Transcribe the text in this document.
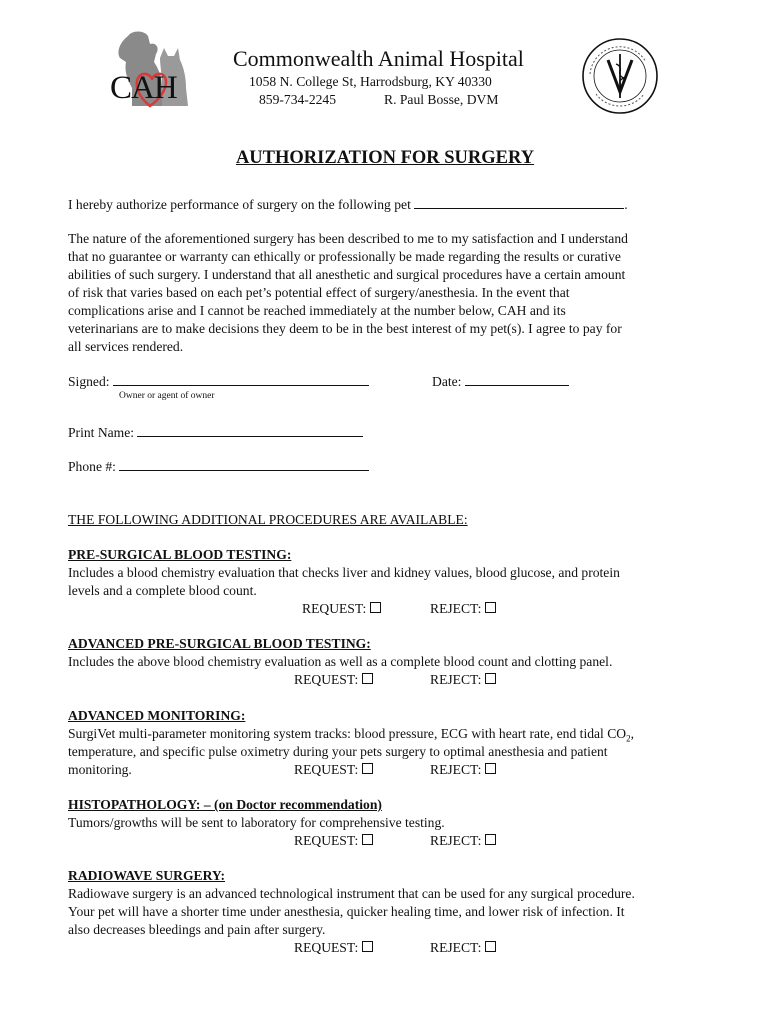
CAH
Commonwealth Animal Hospital
1058 N. College St, Harrodsburg, KY 40330
859-734-2245	R. Paul Bosse, DVM
AUTHORIZATION FOR SURGERY
I hereby authorize performance of surgery on the following pet	.
The nature of the aforementioned surgery has been described to me to my satisfaction and I understand
that no guarantee or warranty can ethically or professionally be made regarding the results or curative
abilities of such surgery. I understand that all anesthetic and surgical procedures have a certain amount
of risk that varies based on each pet’s potential effect of surgery/anesthesia. In the event that
complications arise and I cannot be reached immediately at the number below, CAH and its
veterinarians are to make decisions they deem to be in the best interest of my pet(s). I agree to pay for
all services rendered.
Signed:
Owner or agent of owner
Date:
Print Name:
Phone #:
THE FOLLOWING ADDITIONAL PROCEDURES ARE AVAILABLE:
PRE-SURGICAL BLOOD TESTING:
Includes a blood chemistry evaluation that checks liver and kidney values, blood glucose, and protein
levels and a complete blood count.
REQUEST:	REJECT:
ADVANCED PRE-SURGICAL BLOOD TESTING:
Includes the above blood chemistry evaluation as well as a complete blood count and clotting panel.
REQUEST:	REJECT:
ADVANCED MONITORING:
SurgiVet multi-parameter monitoring system tracks: blood pressure, ECG with heart rate, end tidal $CO_2$,
temperature, and specific pulse oximetry during your pets surgery to optimal anesthesia and patient
monitoring.	REQUEST:	REJECT:
HISTOPATHOLOGY: – (on Doctor recommendation)
Tumors/growths will be sent to laboratory for comprehensive testing.
REQUEST:	REJECT:
RADIOWAVE SURGERY:
Radiowave surgery is an advanced technological instrument that can be used for any surgical procedure.
Your pet will have a shorter time under anesthesia, quicker healing time, and lower risk of infection. It
also decreases bleedings and pain after surgery.
REQUEST:	REJECT:
